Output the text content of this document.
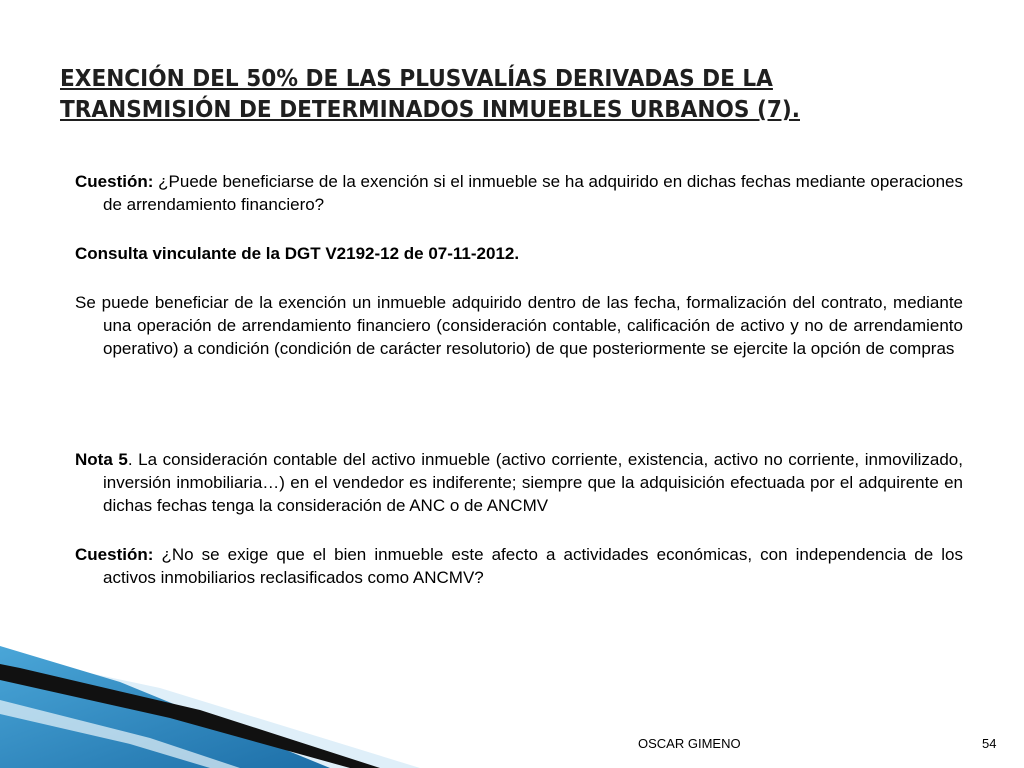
EXENCIÓN DEL 50% DE LAS PLUSVALÍAS DERIVADAS DE LA TRANSMISIÓN DE DETERMINADOS INMUEBLES URBANOS (7).

Cuestión: ¿Puede beneficiarse de la exención si el inmueble se ha adquirido en dichas fechas mediante operaciones de arrendamiento financiero?

Consulta vinculante de la DGT V2192-12 de 07-11-2012.

Se puede beneficiar de la exención un inmueble adquirido dentro de las fecha, formalización del contrato, mediante una operación de arrendamiento financiero (consideración contable, calificación de activo y no de arrendamiento operativo) a condición (condición de carácter resolutorio) de que posteriormente se ejercite la opción de compras

Nota 5. La consideración contable del activo inmueble (activo corriente, existencia, activo no corriente, inmovilizado, inversión inmobiliaria…) en el vendedor es indiferente; siempre que la adquisición efectuada por el adquirente en dichas fechas tenga la consideración de ANC o de ANCMV

Cuestión: ¿No se exige que el bien inmueble este afecto a actividades económicas, con independencia de los activos inmobiliarios reclasificados como ANCMV?

OSCAR GIMENO	54
